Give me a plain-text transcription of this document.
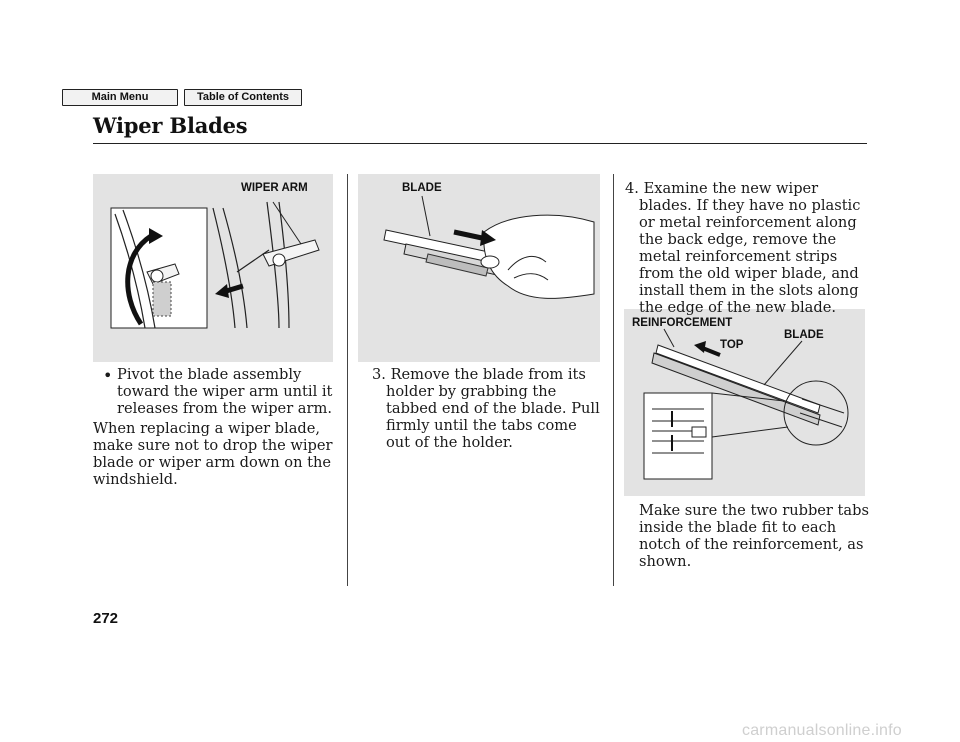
Main Menu	Table of Contents
Wiper Blades
WIPER ARM	BLADE
REINFORCEMENT
BLADE
TOP
• Pivot the blade assembly toward the wiper arm until it releases from the wiper arm.
When replacing a wiper blade, make sure not to drop the wiper blade or wiper arm down on the windshield.
3. Remove the blade from its holder by grabbing the tabbed end of the blade. Pull firmly until the tabs come out of the holder.
4. Examine the new wiper blades. If they have no plastic or metal reinforcement along the back edge, remove the metal reinforcement strips from the old wiper blade, and install them in the slots along the edge of the new blade.
Make sure the two rubber tabs inside the blade fit to each notch of the reinforcement, as shown.
272
carmanualsonline.info
